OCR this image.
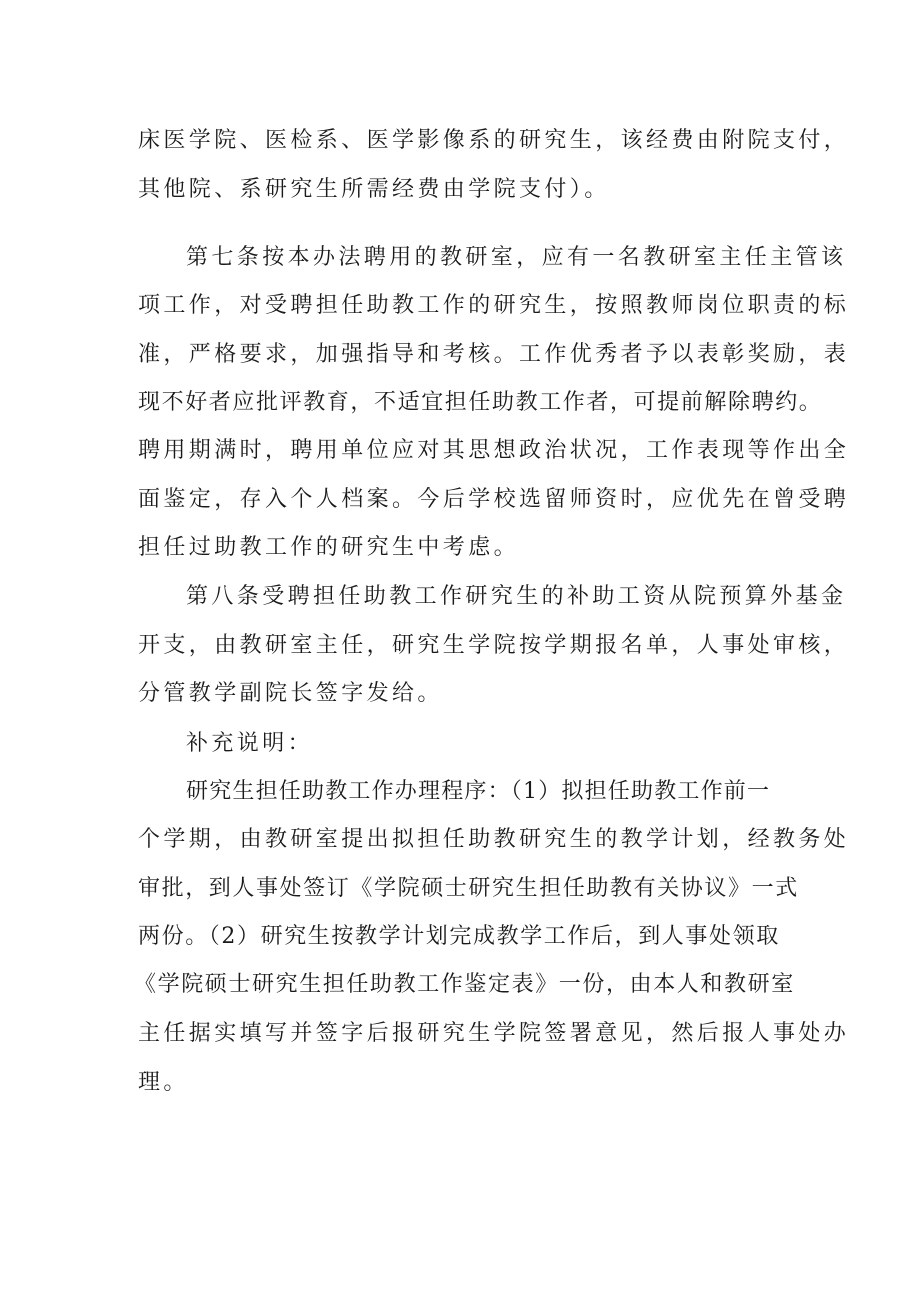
床医学院、医检系、医学影像系的研究生，该经费由附院支付，
其他院、系研究生所需经费由学院支付）。
第七条按本办法聘用的教研室，应有一名教研室主任主管该
项工作，对受聘担任助教工作的研究生，按照教师岗位职责的标
准，严格要求，加强指导和考核。工作优秀者予以表彰奖励，表
现不好者应批评教育，不适宜担任助教工作者，可提前解除聘约。
聘用期满时，聘用单位应对其思想政治状况，工作表现等作出全
面鉴定，存入个人档案。今后学校选留师资时，应优先在曾受聘
担任过助教工作的研究生中考虑。
第八条受聘担任助教工作研究生的补助工资从院预算外基金
开支，由教研室主任，研究生学院按学期报名单，人事处审核，
分管教学副院长签字发给。
补充说明：
研究生担任助教工作办理程序：（1）拟担任助教工作前一
个学期，由教研室提出拟担任助教研究生的教学计划，经教务处
审批，到人事处签订《学院硕士研究生担任助教有关协议》一式
两份。（2）研究生按教学计划完成教学工作后，到人事处领取
《学院硕士研究生担任助教工作鉴定表》一份，由本人和教研室
主任据实填写并签字后报研究生学院签署意见，然后报人事处办
理。
